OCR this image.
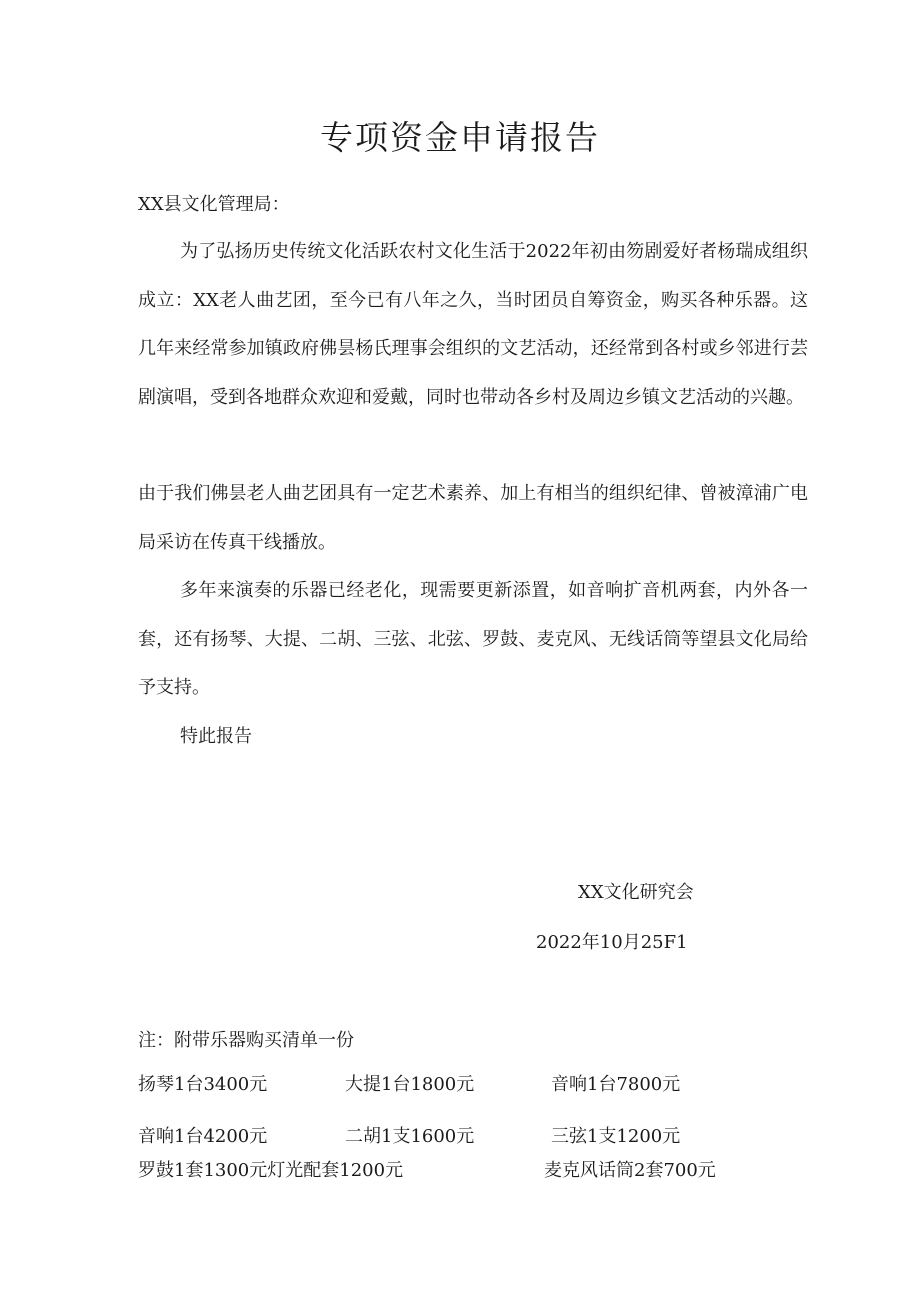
专项资金申请报告

XX县文化管理局：

为了弘扬历史传统文化活跃农村文化生活于2022年初由笏剧爱好者杨瑞成组织成立：XX老人曲艺团，至今已有八年之久，当时团员自筹资金，购买各种乐器。这几年来经常参加镇政府佛昙杨氏理事会组织的文艺活动，还经常到各村或乡邻进行芸剧演唱，受到各地群众欢迎和爱戴，同时也带动各乡村及周边乡镇文艺活动的兴趣。

由于我们佛昙老人曲艺团具有一定艺术素养、加上有相当的组织纪律、曾被漳浦广电局采访在传真干线播放。

多年来演奏的乐器已经老化，现需要更新添置，如音响扩音机两套，内外各一套，还有扬琴、大提、二胡、三弦、北弦、罗鼓、麦克风、无线话筒等望县文化局给予支持。

特此报告

XX文化研究会

2022年10月25F1

注：附带乐器购买清单一份

扬琴1台3400元	大提1台1800元	音响1台7800元
音响1台4200元	二胡1支1600元	三弦1支1200元
罗鼓1套1300元灯光配套1200元	麦克风话筒2套700元
